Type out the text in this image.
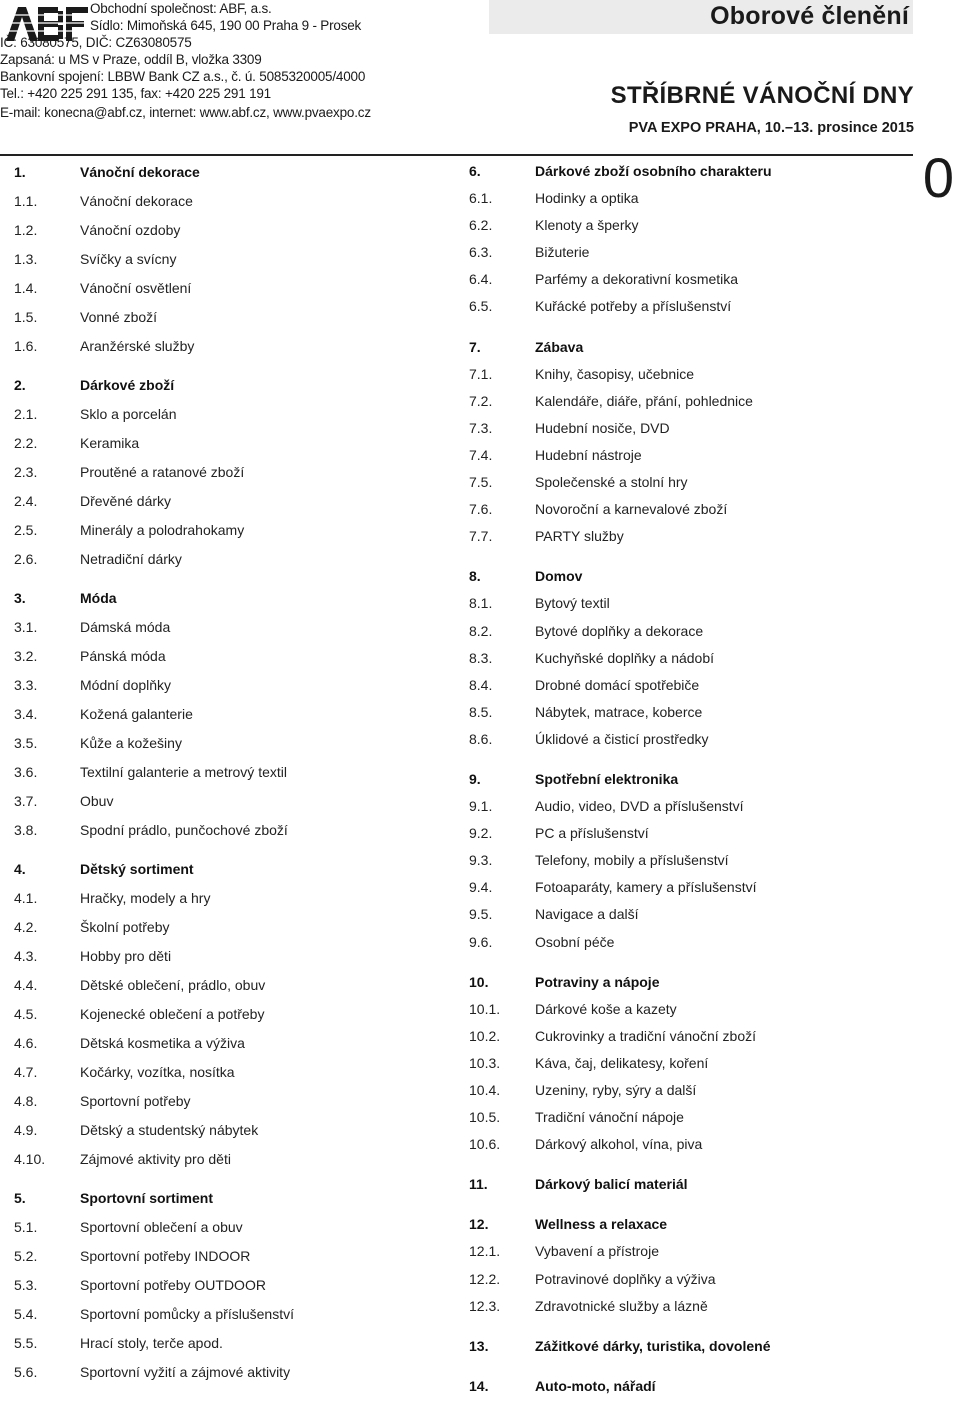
Obchodní společnost: ABF, a.s.
Sídlo: Mimoňská 645, 190 00 Praha 9 - Prosek
IČ: 63080575, DIČ: CZ63080575
Zapsaná: u MS v Praze, oddíl B, vložka 3309
Bankovní spojení: LBBW Bank CZ a.s., č. ú. 5085320005/4000
Tel.: +420 225 291 135, fax: +420 225 291 191
E-mail: konecna@abf.cz, internet: www.abf.cz, www.pvaexpo.cz
Oborové členění
STŘÍBRNÉ VÁNOČNÍ DNY
PVA EXPO PRAHA, 10.–13. prosince 2015
0
1.	Vánoční dekorace
1.1.	Vánoční dekorace
1.2.	Vánoční ozdoby
1.3.	Svíčky a svícny
1.4.	Vánoční osvětlení
1.5.	Vonné zboží
1.6.	Aranžérské služby
2.	Dárkové zboží
2.1.	Sklo a porcelán
2.2.	Keramika
2.3.	Proutěné a ratanové zboží
2.4.	Dřevěné dárky
2.5.	Minerály a polodrahokamy
2.6.	Netradiční dárky
3.	Móda
3.1.	Dámská móda
3.2.	Pánská móda
3.3.	Módní doplňky
3.4.	Kožená galanterie
3.5.	Kůže a kožešiny
3.6.	Textilní galanterie a metrový textil
3.7.	Obuv
3.8.	Spodní prádlo, punčochové zboží
4.	Dětský sortiment
4.1.	Hračky, modely a hry
4.2.	Školní potřeby
4.3.	Hobby pro děti
4.4.	Dětské oblečení, prádlo, obuv
4.5.	Kojenecké oblečení a potřeby
4.6.	Dětská kosmetika a výživa
4.7.	Kočárky, vozítka, nosítka
4.8.	Sportovní potřeby
4.9.	Dětský a studentský nábytek
4.10.	Zájmové aktivity pro děti
5.	Sportovní sortiment
5.1.	Sportovní oblečení a obuv
5.2.	Sportovní potřeby INDOOR
5.3.	Sportovní potřeby OUTDOOR
5.4.	Sportovní pomůcky a příslušenství
5.5.	Hrací stoly, terče apod.
5.6.	Sportovní vyžití a zájmové aktivity
6.	Dárkové zboží osobního charakteru
6.1.	Hodinky a optika
6.2.	Klenoty a šperky
6.3.	Bižuterie
6.4.	Parfémy a dekorativní kosmetika
6.5.	Kuřácké potřeby a příslušenství
7.	Zábava
7.1.	Knihy, časopisy, učebnice
7.2.	Kalendáře, diáře, přání, pohlednice
7.3.	Hudební nosiče, DVD
7.4.	Hudební nástroje
7.5.	Společenské a stolní hry
7.6.	Novoroční a karnevalové zboží
7.7.	PARTY služby
8.	Domov
8.1.	Bytový textil
8.2.	Bytové doplňky a dekorace
8.3.	Kuchyňské doplňky a nádobí
8.4.	Drobné domácí spotřebiče
8.5.	Nábytek, matrace, koberce
8.6.	Úklidové a čisticí prostředky
9.	Spotřební elektronika
9.1.	Audio, video, DVD a příslušenství
9.2.	PC a příslušenství
9.3.	Telefony, mobily a příslušenství
9.4.	Fotoaparáty, kamery a příslušenství
9.5.	Navigace a další
9.6.	Osobní péče
10.	Potraviny a nápoje
10.1.	Dárkové koše a kazety
10.2.	Cukrovinky a tradiční vánoční zboží
10.3.	Káva, čaj, delikatesy, koření
10.4.	Uzeniny, ryby, sýry a další
10.5.	Tradiční vánoční nápoje
10.6.	Dárkový alkohol, vína, piva
11.	Dárkový balicí materiál
12.	Wellness a relaxace
12.1.	Vybavení a přístroje
12.2.	Potravinové doplňky a výživa
12.3.	Zdravotnické služby a lázně
13.	Zážitkové dárky, turistika, dovolené
14.	Auto-moto, nářadí
